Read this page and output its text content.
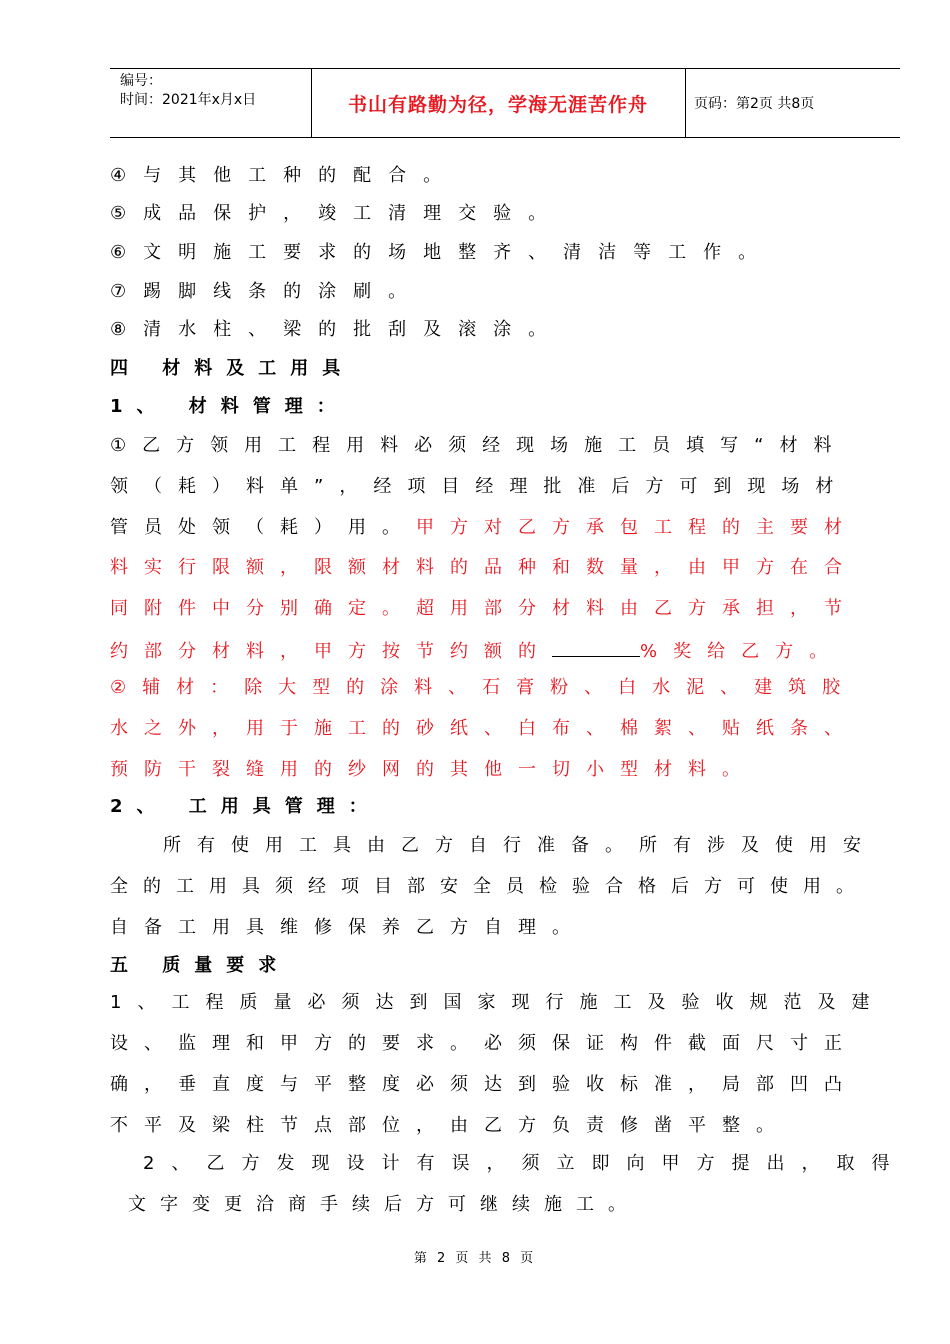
编号：
时间：2021年x月x日	书山有路勤为径，学海无涯苦作舟	页码：第2页 共8页
④与其他工种的配合。
⑤成品保护，竣工清理交验。
⑥文明施工要求的场地整齐、清洁等工作。
⑦踢脚线条的涂刷。
⑧清水柱、梁的批刮及滚涂。
四 材料及工用具
1、 材料管理：
①乙方领用工程用料必须经现场施工员填写“材料
领（耗）料单”，经项目经理批准后方可到现场材
管员处领（耗）用。甲方对乙方承包工程的主要材
料实行限额，限额材料的品种和数量，由甲方在合
同附件中分别确定。超用部分材料由乙方承担，节
约部分材料，甲方按节约额的	%奖给乙方。
②辅材：除大型的涂料、石膏粉、白水泥、建筑胶
水之外，用于施工的砂纸、白布、棉絮、贴纸条、
预防干裂缝用的纱网的其他一切小型材料。
2、 工用具管理：
所有使用工具由乙方自行准备。所有涉及使用安
全的工用具须经项目部安全员检验合格后方可使用。
自备工用具维修保养乙方自理。
五 质量要求
1、工程质量必须达到国家现行施工及验收规范及建
设、监理和甲方的要求。必须保证构件截面尺寸正
确，垂直度与平整度必须达到验收标准，局部凹凸
不平及梁柱节点部位，由乙方负责修凿平整。
2、乙方发现设计有误，须立即向甲方提出，取得
文字变更洽商手续后方可继续施工。
第 2 页 共 8 页
